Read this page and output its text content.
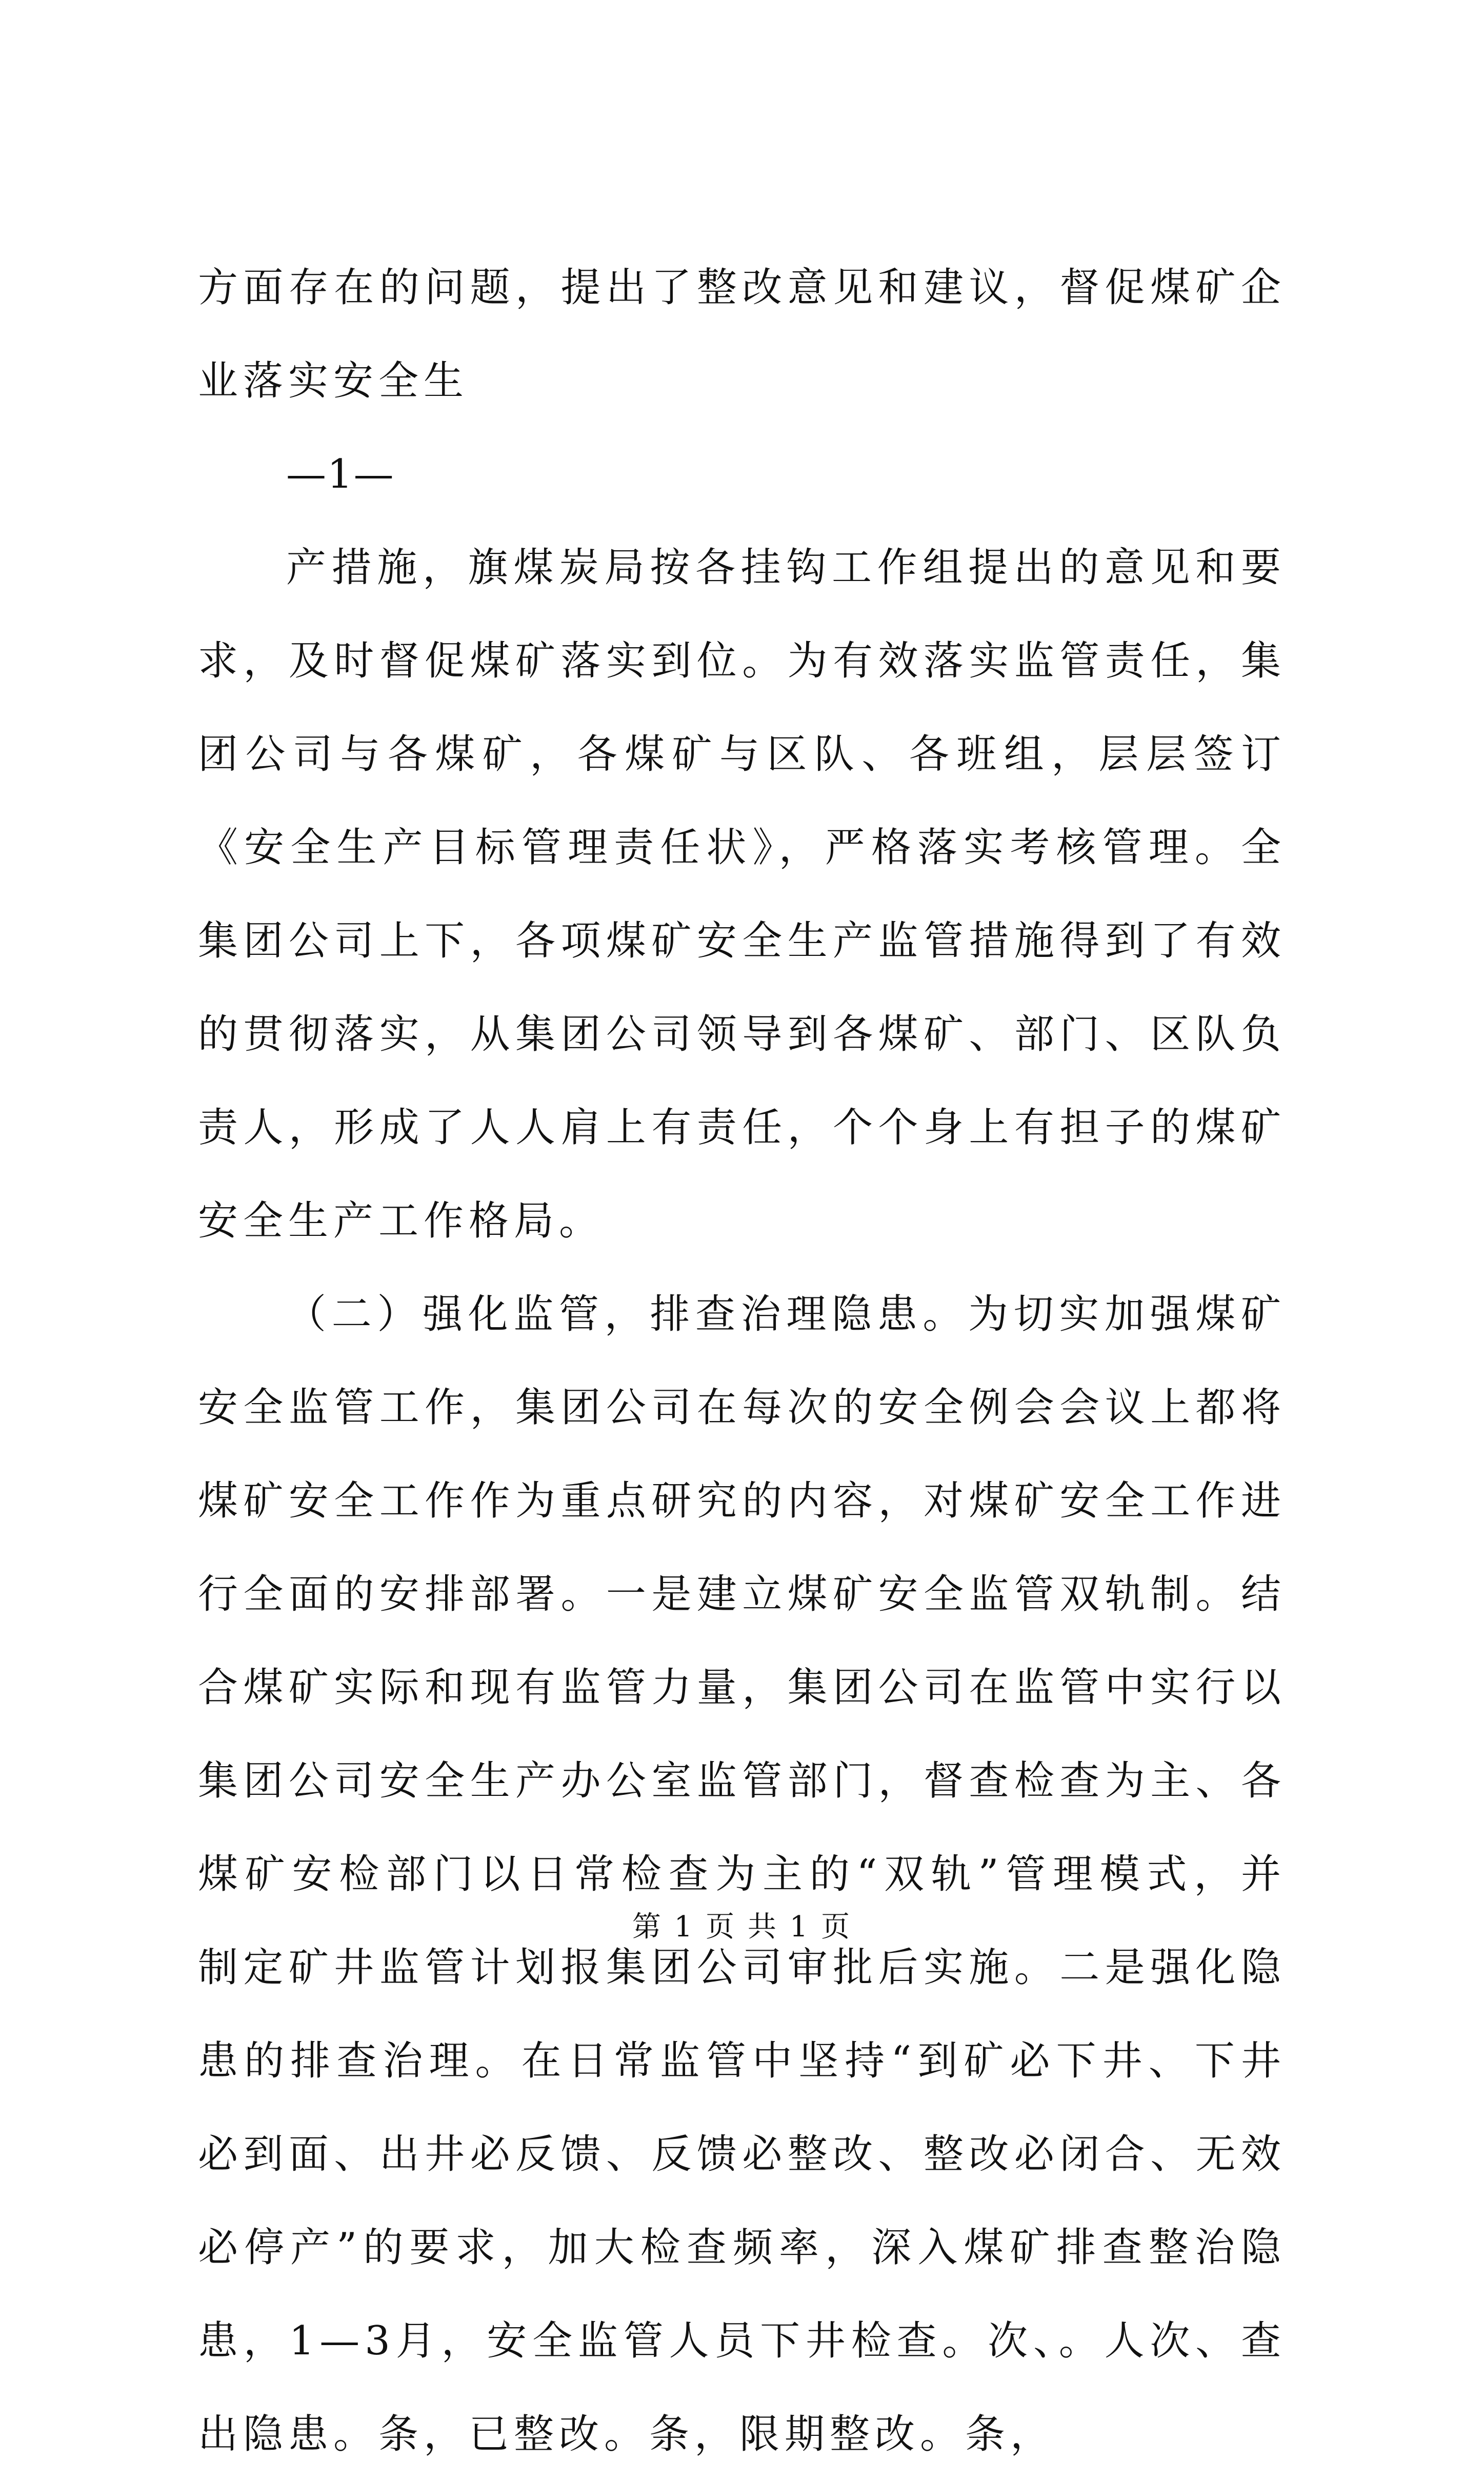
方面存在的问题，提出了整改意见和建议，督促煤矿企业落实安全生

—1—

产措施，旗煤炭局按各挂钩工作组提出的意见和要求，及时督促煤矿落实到位。为有效落实监管责任，集团公司与各煤矿，各煤矿与区队、各班组，层层签订《安全生产目标管理责任状》，严格落实考核管理。全集团公司上下，各项煤矿安全生产监管措施得到了有效的贯彻落实，从集团公司领导到各煤矿、部门、区队负责人，形成了人人肩上有责任，个个身上有担子的煤矿安全生产工作格局。

（二）强化监管，排查治理隐患。为切实加强煤矿安全监管工作，集团公司在每次的安全例会会议上都将煤矿安全工作作为重点研究的内容，对煤矿安全工作进行全面的安排部署。一是建立煤矿安全监管双轨制。结合煤矿实际和现有监管力量，集团公司在监管中实行以集团公司安全生产办公室监管部门，督查检查为主、各煤矿安检部门以日常检查为主的“双轨”管理模式，并制定矿井监管计划报集团公司审批后实施。二是强化隐患的排查治理。在日常监管中坚持“到矿必下井、下井必到面、出井必反馈、反馈必整改、整改必闭合、无效必停产”的要求，加大检查频率，深入煤矿排查整治隐患，1—3月，安全监管人员下井检查。次、。人次、查出隐患。条，已整改。条，限期整改。条，

第 1 页 共 1 页
